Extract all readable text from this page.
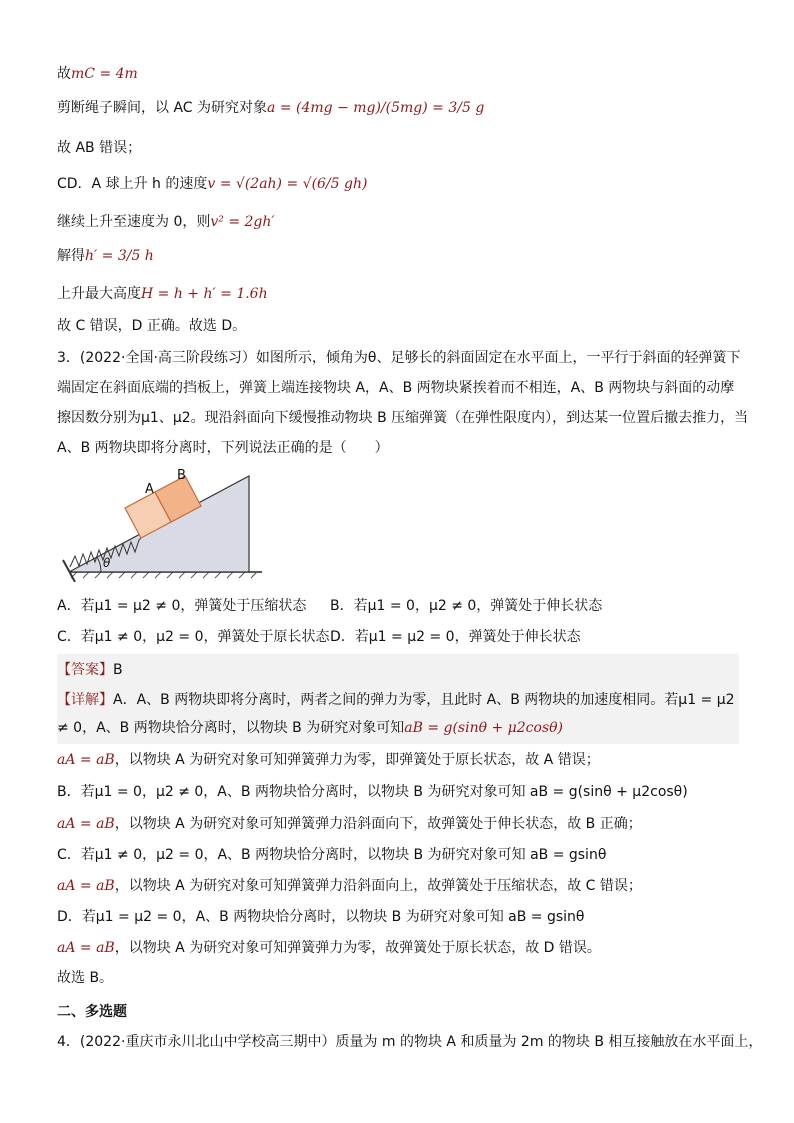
故mC = 4m
剪断绳子瞬间，以 AC 为研究对象a = (4mg − mg)/(5mg) = 3/5 g
故 AB 错误；
CD．A 球上升 h 的速度v = √(2ah) = √(6/5 gh)
继续上升至速度为 0，则v² = 2gh′
解得h′ = 3/5 h
上升最大高度H = h + h′ = 1.6h
故 C 错误，D 正确。故选 D。
3．(2022·全国·高三阶段练习）如图所示，倾角为θ、足够长的斜面固定在水平面上，一平行于斜面的轻弹簧下
端固定在斜面底端的挡板上，弹簧上端连接物块 A，A、B 两物块紧挨着而不相连，A、B 两物块与斜面的动摩
擦因数分别为μ1、μ2。现沿斜面向下缓慢推动物块 B 压缩弹簧（在弹性限度内），到达某一位置后撤去推力，当
A、B 两物块即将分离时，下列说法正确的是（　　）
A
B
θ
A．若μ1 = μ2 ≠ 0，弹簧处于压缩状态 B．若μ1 = 0，μ2 ≠ 0，弹簧处于伸长状态
C．若μ1 ≠ 0，μ2 = 0，弹簧处于原长状态 D．若μ1 = μ2 = 0，弹簧处于伸长状态
【答案】B
【详解】A．A、B 两物块即将分离时，两者之间的弹力为零，且此时 A、B 两物块的加速度相同。若μ1 = μ2
≠ 0，A、B 两物块恰分离时，以物块 B 为研究对象可知aB = g(sinθ + μ2cosθ)
aA = aB，以物块 A 为研究对象可知弹簧弹力为零，即弹簧处于原长状态，故 A 错误；
B．若μ1 = 0，μ2 ≠ 0，A、B 两物块恰分离时，以物块 B 为研究对象可知 aB = g(sinθ + μ2cosθ)
aA = aB，以物块 A 为研究对象可知弹簧弹力沿斜面向下，故弹簧处于伸长状态，故 B 正确；
C．若μ1 ≠ 0，μ2 = 0，A、B 两物块恰分离时，以物块 B 为研究对象可知 aB = gsinθ
aA = aB，以物块 A 为研究对象可知弹簧弹力沿斜面向上，故弹簧处于压缩状态，故 C 错误；
D．若μ1 = μ2 = 0，A、B 两物块恰分离时，以物块 B 为研究对象可知 aB = gsinθ
aA = aB，以物块 A 为研究对象可知弹簧弹力为零，故弹簧处于原长状态，故 D 错误。
故选 B。
二、多选题
4．(2022·重庆市永川北山中学校高三期中）质量为 m 的物块 A 和质量为 2m 的物块 B 相互接触放在水平面上，
